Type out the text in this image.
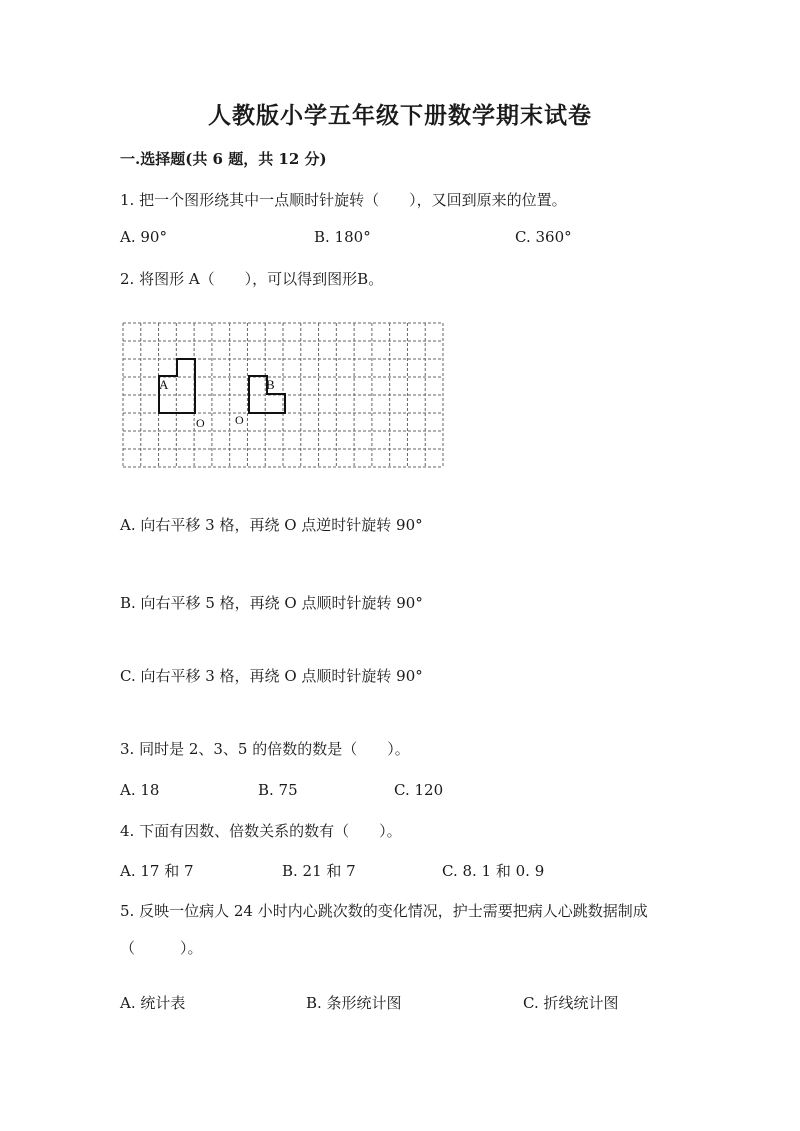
人教版小学五年级下册数学期末试卷
一.选择题(共 6 题，共 12 分)
1. 把一个图形绕其中一点顺时针旋转（　　），又回到原来的位置。
A. 90°	B. 180°	C. 360°
2. 将图形 A（　　），可以得到图形B。
A	B
O	O
A. 向右平移 3 格，再绕 O 点逆时针旋转 90°
B. 向右平移 5 格，再绕 O 点顺时针旋转 90°
C. 向右平移 3 格，再绕 O 点顺时针旋转 90°
3. 同时是 2、3、5 的倍数的数是（　　）。
A. 18	B. 75	C. 120
4. 下面有因数、倍数关系的数有（　　）。
A. 17 和 7	B. 21 和 7	C. 8. 1 和 0. 9
5. 反映一位病人 24 小时内心跳次数的变化情况，护士需要把病人心跳数据制成
（　　　）。
A. 统计表	B. 条形统计图	C. 折线统计图
